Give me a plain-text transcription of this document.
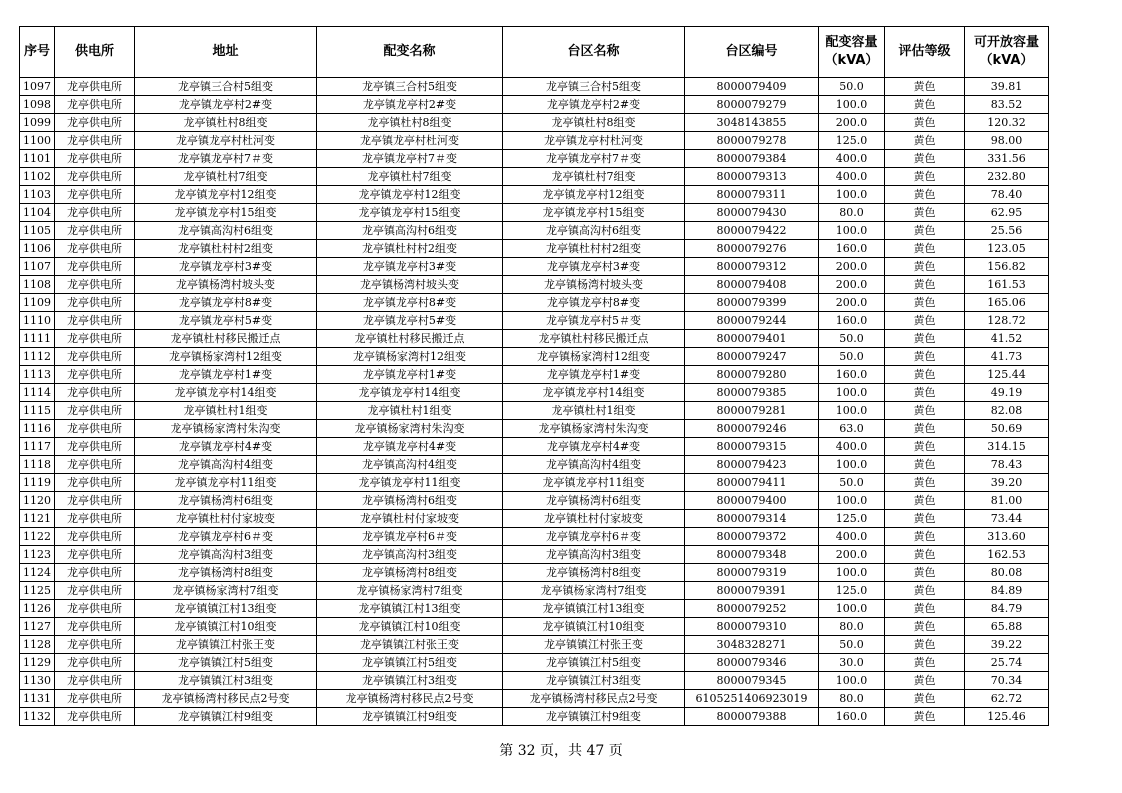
序号	供电所	地址	配变名称	台区名称	台区编号	配变容量
（kVA）	评估等级	可开放容量
（kVA）
1097	龙亭供电所	龙亭镇三合村5组变	龙亭镇三合村5组变	龙亭镇三合村5组变	8000079409	50.0	黄色	39.81
1098	龙亭供电所	龙亭镇龙亭村2#变	龙亭镇龙亭村2#变	龙亭镇龙亭村2#变	8000079279	100.0	黄色	83.52
1099	龙亭供电所	龙亭镇杜村8组变	龙亭镇杜村8组变	龙亭镇杜村8组变	3048143855	200.0	黄色	120.32
1100	龙亭供电所	龙亭镇龙亭村杜河变	龙亭镇龙亭村杜河变	龙亭镇龙亭村杜河变	8000079278	125.0	黄色	98.00
1101	龙亭供电所	龙亭镇龙亭村7＃变	龙亭镇龙亭村7＃变	龙亭镇龙亭村7＃变	8000079384	400.0	黄色	331.56
1102	龙亭供电所	龙亭镇杜村7组变	龙亭镇杜村7组变	龙亭镇杜村7组变	8000079313	400.0	黄色	232.80
1103	龙亭供电所	龙亭镇龙亭村12组变	龙亭镇龙亭村12组变	龙亭镇龙亭村12组变	8000079311	100.0	黄色	78.40
1104	龙亭供电所	龙亭镇龙亭村15组变	龙亭镇龙亭村15组变	龙亭镇龙亭村15组变	8000079430	80.0	黄色	62.95
1105	龙亭供电所	龙亭镇高沟村6组变	龙亭镇高沟村6组变	龙亭镇高沟村6组变	8000079422	100.0	黄色	25.56
1106	龙亭供电所	龙亭镇杜村村2组变	龙亭镇杜村村2组变	龙亭镇杜村村2组变	8000079276	160.0	黄色	123.05
1107	龙亭供电所	龙亭镇龙亭村3#变	龙亭镇龙亭村3#变	龙亭镇龙亭村3#变	8000079312	200.0	黄色	156.82
1108	龙亭供电所	龙亭镇杨湾村坡头变	龙亭镇杨湾村坡头变	龙亭镇杨湾村坡头变	8000079408	200.0	黄色	161.53
1109	龙亭供电所	龙亭镇龙亭村8#变	龙亭镇龙亭村8#变	龙亭镇龙亭村8#变	8000079399	200.0	黄色	165.06
1110	龙亭供电所	龙亭镇龙亭村5#变	龙亭镇龙亭村5#变	龙亭镇龙亭村5＃变	8000079244	160.0	黄色	128.72
1111	龙亭供电所	龙亭镇杜村移民搬迁点	龙亭镇杜村移民搬迁点	龙亭镇杜村移民搬迁点	8000079401	50.0	黄色	41.52
1112	龙亭供电所	龙亭镇杨家湾村12组变	龙亭镇杨家湾村12组变	龙亭镇杨家湾村12组变	8000079247	50.0	黄色	41.73
1113	龙亭供电所	龙亭镇龙亭村1#变	龙亭镇龙亭村1#变	龙亭镇龙亭村1#变	8000079280	160.0	黄色	125.44
1114	龙亭供电所	龙亭镇龙亭村14组变	龙亭镇龙亭村14组变	龙亭镇龙亭村14组变	8000079385	100.0	黄色	49.19
1115	龙亭供电所	龙亭镇杜村1组变	龙亭镇杜村1组变	龙亭镇杜村1组变	8000079281	100.0	黄色	82.08
1116	龙亭供电所	龙亭镇杨家湾村朱沟变	龙亭镇杨家湾村朱沟变	龙亭镇杨家湾村朱沟变	8000079246	63.0	黄色	50.69
1117	龙亭供电所	龙亭镇龙亭村4#变	龙亭镇龙亭村4#变	龙亭镇龙亭村4#变	8000079315	400.0	黄色	314.15
1118	龙亭供电所	龙亭镇高沟村4组变	龙亭镇高沟村4组变	龙亭镇高沟村4组变	8000079423	100.0	黄色	78.43
1119	龙亭供电所	龙亭镇龙亭村11组变	龙亭镇龙亭村11组变	龙亭镇龙亭村11组变	8000079411	50.0	黄色	39.20
1120	龙亭供电所	龙亭镇杨湾村6组变	龙亭镇杨湾村6组变	龙亭镇杨湾村6组变	8000079400	100.0	黄色	81.00
1121	龙亭供电所	龙亭镇杜村付家坡变	龙亭镇杜村付家坡变	龙亭镇杜村付家坡变	8000079314	125.0	黄色	73.44
1122	龙亭供电所	龙亭镇龙亭村6＃变	龙亭镇龙亭村6＃变	龙亭镇龙亭村6＃变	8000079372	400.0	黄色	313.60
1123	龙亭供电所	龙亭镇高沟村3组变	龙亭镇高沟村3组变	龙亭镇高沟村3组变	8000079348	200.0	黄色	162.53
1124	龙亭供电所	龙亭镇杨湾村8组变	龙亭镇杨湾村8组变	龙亭镇杨湾村8组变	8000079319	100.0	黄色	80.08
1125	龙亭供电所	龙亭镇杨家湾村7组变	龙亭镇杨家湾村7组变	龙亭镇杨家湾村7组变	8000079391	125.0	黄色	84.89
1126	龙亭供电所	龙亭镇镇江村13组变	龙亭镇镇江村13组变	龙亭镇镇江村13组变	8000079252	100.0	黄色	84.79
1127	龙亭供电所	龙亭镇镇江村10组变	龙亭镇镇江村10组变	龙亭镇镇江村10组变	8000079310	80.0	黄色	65.88
1128	龙亭供电所	龙亭镇镇江村张王变	龙亭镇镇江村张王变	龙亭镇镇江村张王变	3048328271	50.0	黄色	39.22
1129	龙亭供电所	龙亭镇镇江村5组变	龙亭镇镇江村5组变	龙亭镇镇江村5组变	8000079346	30.0	黄色	25.74
1130	龙亭供电所	龙亭镇镇江村3组变	龙亭镇镇江村3组变	龙亭镇镇江村3组变	8000079345	100.0	黄色	70.34
1131	龙亭供电所	龙亭镇杨湾村移民点2号变	龙亭镇杨湾村移民点2号变	龙亭镇杨湾村移民点2号变	6105251406923019	80.0	黄色	62.72
1132	龙亭供电所	龙亭镇镇江村9组变	龙亭镇镇江村9组变	龙亭镇镇江村9组变	8000079388	160.0	黄色	125.46
第 32 页，共 47 页
